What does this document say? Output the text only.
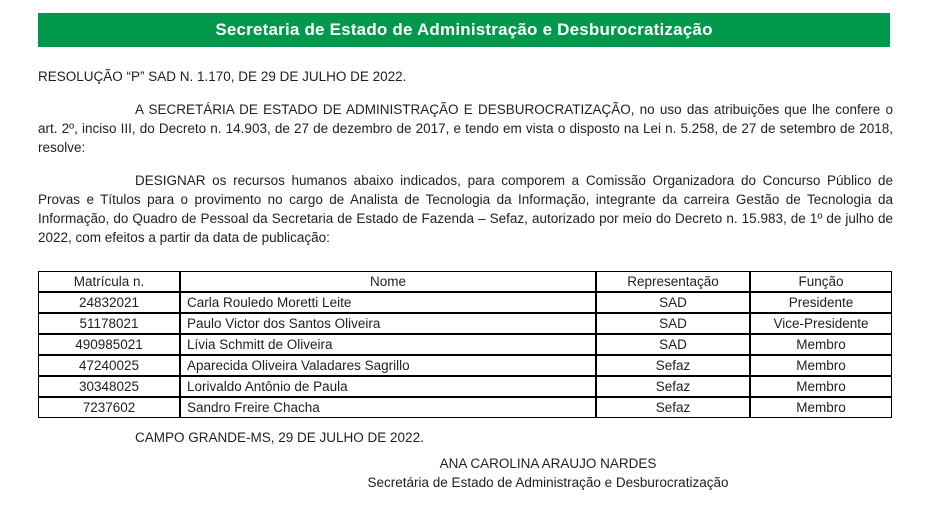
Secretaria de Estado de Administração e Desburocratização

RESOLUÇÃO “P” SAD N. 1.170, DE 29 DE JULHO DE 2022.

A SECRETÁRIA DE ESTADO DE ADMINISTRAÇÃO E DESBUROCRATIZAÇÃO, no uso das atribuições que lhe confere o art. 2º, inciso III, do Decreto n. 14.903, de 27 de dezembro de 2017, e tendo em vista o disposto na Lei n. 5.258, de 27 de setembro de 2018, resolve:

DESIGNAR os recursos humanos abaixo indicados, para comporem a Comissão Organizadora do Concurso Público de Provas e Títulos para o provimento no cargo de Analista de Tecnologia da Informação, integrante da carreira Gestão de Tecnologia da Informação, do Quadro de Pessoal da Secretaria de Estado de Fazenda – Sefaz, autorizado por meio do Decreto n. 15.983, de 1º de julho de 2022, com efeitos a partir da data de publicação:

Matrícula n.	Nome	Representação	Função
24832021	Carla Rouledo Moretti Leite	SAD	Presidente
51178021	Paulo Victor dos Santos Oliveira	SAD	Vice-Presidente
490985021	Lívia Schmitt de Oliveira	SAD	Membro
47240025	Aparecida Oliveira Valadares Sagrillo	Sefaz	Membro
30348025	Lorivaldo Antônio de Paula	Sefaz	Membro
7237602	Sandro Freire Chacha	Sefaz	Membro

CAMPO GRANDE-MS, 29 DE JULHO DE 2022.

ANA CAROLINA ARAUJO NARDES

Secretária de Estado de Administração e Desburocratização
